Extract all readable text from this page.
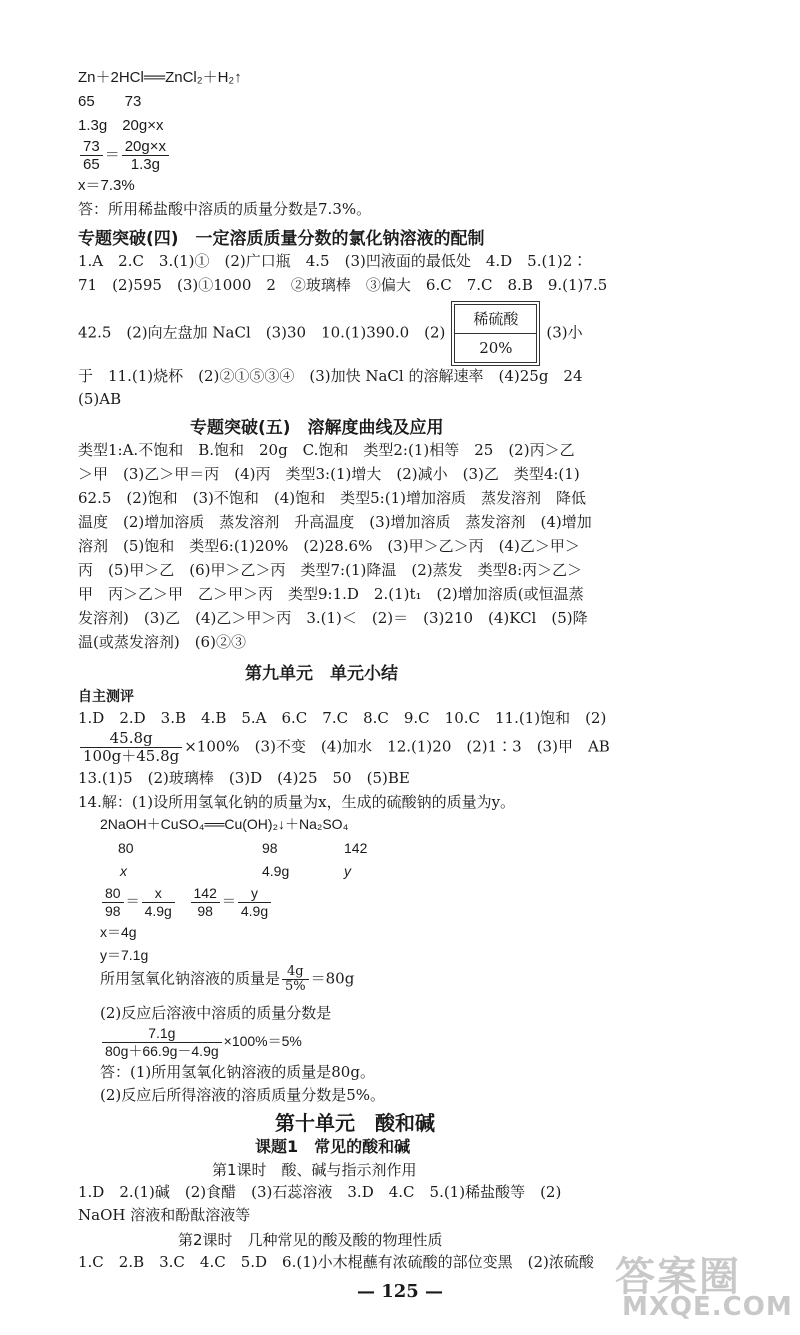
Zn＋2HCl══ZnCl₂＋H₂↑
65　　73
1.3g　20g×x
$\frac{73}{65} = \frac{20g\times x}{1.3g}$
x＝7.3%
答：所用稀盐酸中溶质的质量分数是7.3%。
专题突破(四)　一定溶质质量分数的氯化钠溶液的配制
1.A　2.C　3.(1)①　(2)广口瓶　4.5　(3)凹液面的最低处　4.D　5.(1)2∶
71　(2)595　(3)①1000　2　②玻璃棒　③偏大　6.C　7.C　8.B　9.(1)7.5
42.5　(2)向左盘加 NaCl　(3)30　10.(1)390.0　(2)
稀硫酸
20%
(3)小
于　11.(1)烧杯　(2)②①⑤③④　(3)加快 NaCl 的溶解速率　(4)25g　24
(5)AB
专题突破(五)　溶解度曲线及应用
类型1:A.不饱和　B.饱和　20g　C.饱和　类型2:(1)相等　25　(2)丙＞乙
＞甲　(3)乙＞甲＝丙　(4)丙　类型3:(1)增大　(2)减小　(3)乙　类型4:(1)
62.5　(2)饱和　(3)不饱和　(4)饱和　类型5:(1)增加溶质　蒸发溶剂　降低
温度　(2)增加溶质　蒸发溶剂　升高温度　(3)增加溶质　蒸发溶剂　(4)增加
溶剂　(5)饱和　类型6:(1)20%　(2)28.6%　(3)甲＞乙＞丙　(4)乙＞甲＞
丙　(5)甲＞乙　(6)甲＞乙＞丙　类型7:(1)降温　(2)蒸发　类型8:丙＞乙＞
甲　丙＞乙＞甲　乙＞甲＞丙　类型9:1.D　2.(1)t₁　(2)增加溶质(或恒温蒸
发溶剂)　(3)乙　(4)乙＞甲＞丙　3.(1)＜　(2)＝　(3)210　(4)KCl　(5)降
温(或蒸发溶剂)　(6)②③
第九单元　单元小结
自主测评
1.D　2.D　3.B　4.B　5.A　6.C　7.C　8.C　9.C　10.C　11.(1)饱和　(2)
$\frac{45.8g}{100g+45.8g} \times 100\%$　(3)不变　(4)加水　12.(1)20　(2)1∶3　(3)甲　AB
13.(1)5　(2)玻璃棒　(3)D　(4)25　50　(5)BE
14.解：(1)设所用氢氧化钠的质量为x，生成的硫酸钠的质量为y。
2NaOH＋CuSO₄══Cu(OH)₂↓＋Na₂SO₄
80	98	142
x	4.9g	y
$\frac{80}{98} = \frac{x}{4.9g}$
$\frac{142}{98} = \frac{y}{4.9g}$
x＝4g
y＝7.1g
所用氢氧化钠溶液的质量是 $\frac{4g}{5\%} =80g$
(2)反应后溶液中溶质的质量分数是
$\frac{7.1g}{80g+66.9g-4.9g} \times 100\%=5\%$
答：(1)所用氢氧化钠溶液的质量是80g。
(2)反应后所得溶液的溶质质量分数是5%。
第十单元　酸和碱
课题1　常见的酸和碱
第1课时　酸、碱与指示剂作用
1.D　2.(1)碱　(2)食醋　(3)石蕊溶液　3.D　4.C　5.(1)稀盐酸等　(2)
NaOH 溶液和酚酞溶液等
第2课时　几种常见的酸及酸的物理性质
1.C　2.B　3.C　4.C　5.D　6.(1)小木棍蘸有浓硫酸的部位变黑　(2)浓硫酸
— 125 —	答案圈
MXQE.COM
